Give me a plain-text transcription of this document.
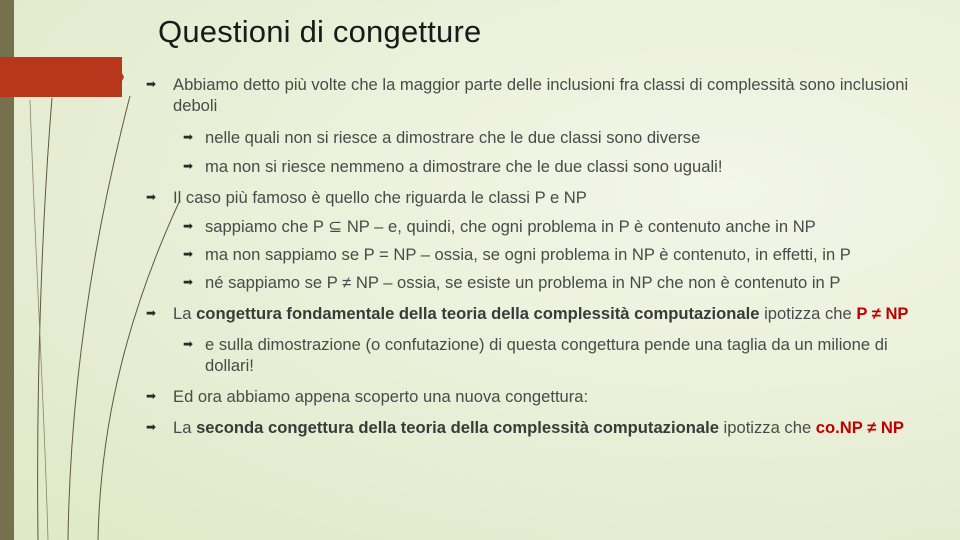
Questioni di congetture
➡ Abbiamo detto più volte che la maggior parte delle inclusioni fra classi di complessità sono inclusioni deboli
➡ nelle quali non si riesce a dimostrare che le due classi sono diverse
➡ ma non si riesce nemmeno a dimostrare che le due classi sono uguali!
➡ Il caso più famoso è quello che riguarda le classi P e NP
➡ sappiamo che P ⊆ NP – e, quindi, che ogni problema in P è contenuto anche in NP
➡ ma non sappiamo se P = NP – ossia, se ogni problema in NP è contenuto, in effetti, in P
➡ né sappiamo se P ≠ NP – ossia, se esiste un problema in NP che non è contenuto in P
➡ La congettura fondamentale della teoria della complessità computazionale ipotizza che P ≠ NP
➡ e sulla dimostrazione (o confutazione) di questa congettura pende una taglia da un milione di dollari!
➡ Ed ora abbiamo appena scoperto una nuova congettura:
➡ La seconda congettura della teoria della complessità computazionale ipotizza che co.NP ≠ NP
